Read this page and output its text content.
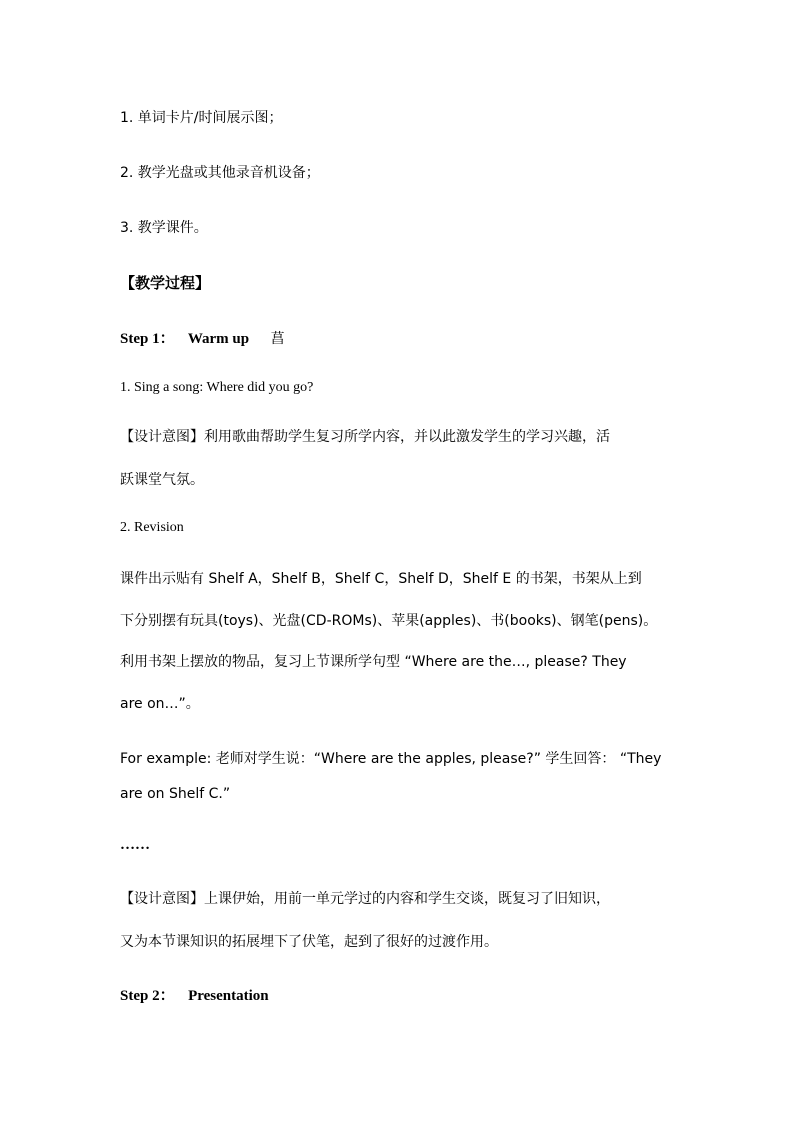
1. 单词卡片/时间展示图；
2. 教学光盘或其他录音机设备；
3. 教学课件。
【教学过程】
Step 1： Warm up 菖
1. Sing a song: Where did you go?
【设计意图】利用歌曲帮助学生复习所学内容，并以此激发学生的学习兴趣，活
跃课堂气氛。
2. Revision
课件出示贴有 Shelf A，Shelf B，Shelf C，Shelf D，Shelf E 的书架，书架从上到
下分别摆有玩具(toys)、光盘(CD-ROMs)、苹果(apples)、书(books)、钢笔(pens)。
利用书架上摆放的物品，复习上节课所学句型 “Where are the…, please? They
are on…”。
For example: 老师对学生说：“Where are the apples, please?” 学生回答： “They
are on Shelf C.”
……
【设计意图】上课伊始，用前一单元学过的内容和学生交谈，既复习了旧知识，
又为本节课知识的拓展埋下了伏笔，起到了很好的过渡作用。
Step 2： Presentation
